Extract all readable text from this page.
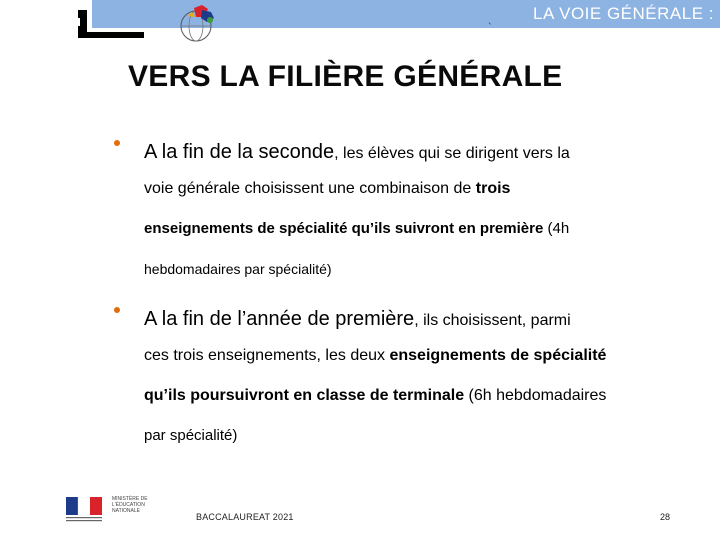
LA VOIE GÉNÉRALE :
`
VERS LA FILIÈRE GÉNÉRALE
A la fin de la seconde, les élèves qui se dirigent vers la
voie générale choisissent une combinaison de trois
enseignements de spécialité qu’ils suivront en première (4h
hebdomadaires par spécialité)
A la fin de l’année de première, ils choisissent, parmi
ces trois enseignements, les deux enseignements de spécialité
qu’ils poursuivront en classe de terminale (6h hebdomadaires
par spécialité)
MINISTÈRE DE L'ÉDUCATION NATIONALE
BACCALAUREAT 2021	28
